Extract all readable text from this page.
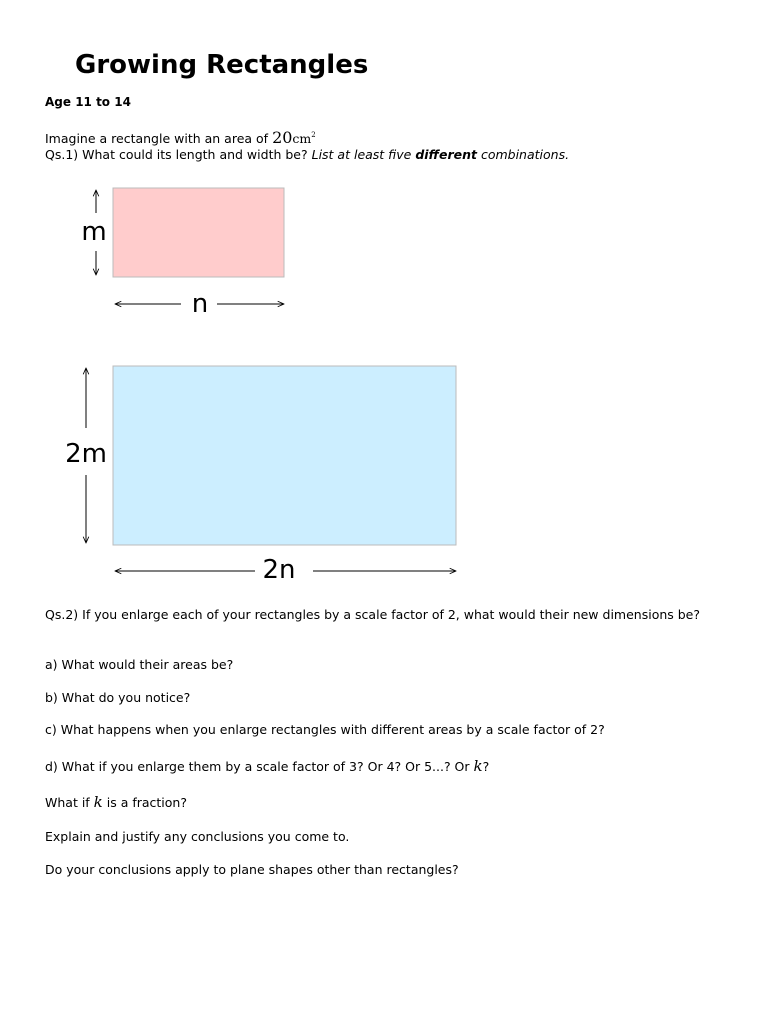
Growing Rectangles
Age 11 to 14
Imagine a rectangle with an area of $20cm^2$
Qs.1) What could its length and width be? List at least five different combinations.
m
n
2m
2n
Qs.2) If you enlarge each of your rectangles by a scale factor of 2, what would their new dimensions be?
a) What would their areas be?
b) What do you notice?
c) What happens when you enlarge rectangles with different areas by a scale factor of 2?
d) What if you enlarge them by a scale factor of 3? Or 4? Or 5...? Or k?
What if k is a fraction?
Explain and justify any conclusions you come to.
Do your conclusions apply to plane shapes other than rectangles?
